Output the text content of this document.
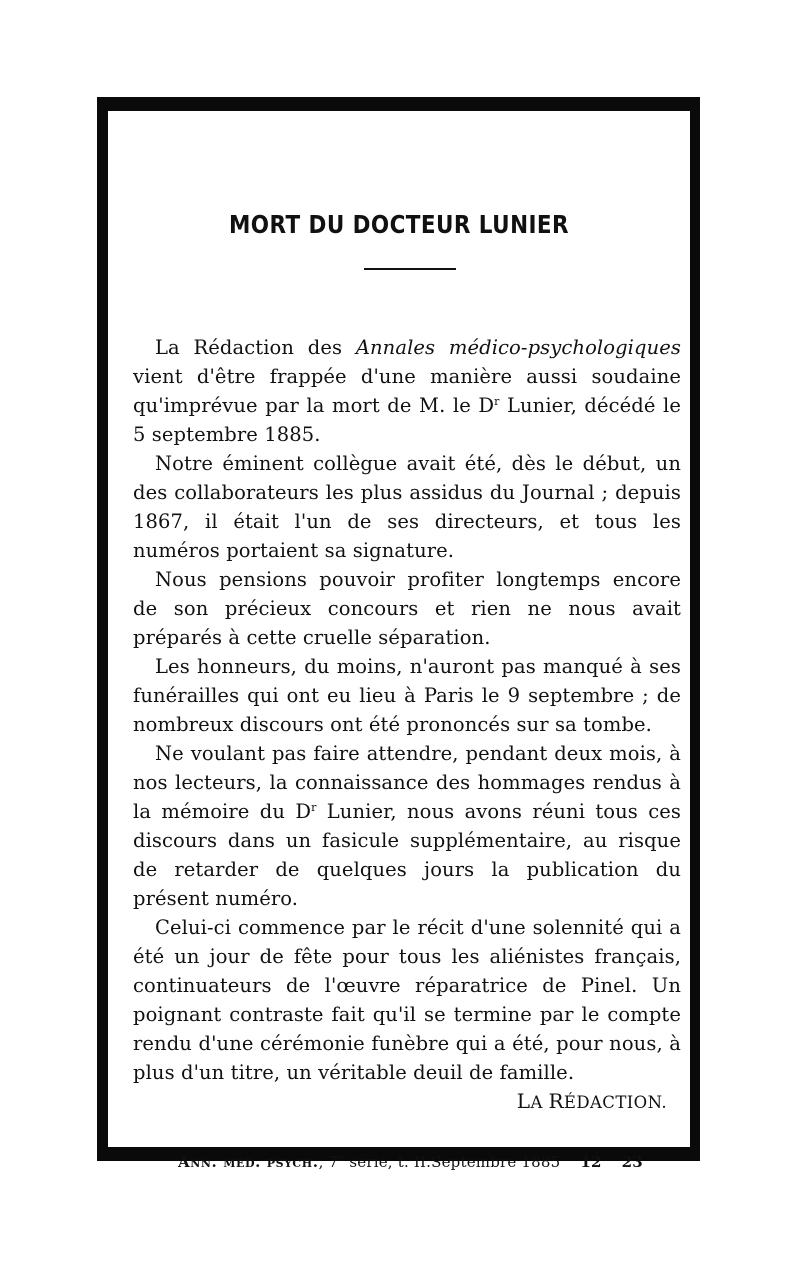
MORT DU DOCTEUR LUNIER

La Rédaction des Annales médico-psychologiques vient d'être frappée d'une manière aussi soudaine qu'imprévue par la mort de M. le $D^r$ Lunier, décédé le 5 septembre 1885.

Notre éminent collègue avait été, dès le début, un des collaborateurs les plus assidus du Journal ; depuis 1867, il était l'un de ses directeurs, et tous les numéros portaient sa signature.

Nous pensions pouvoir profiter longtemps encore de son précieux concours et rien ne nous avait préparés à cette cruelle séparation.

Les honneurs, du moins, n'auront pas manqué à ses funérailles qui ont eu lieu à Paris le 9 septembre ; de nombreux discours ont été prononcés sur sa tombe.

Ne voulant pas faire attendre, pendant deux mois, à nos lecteurs, la connaissance des hommages rendus à la mémoire du $D^r$ Lunier, nous avons réuni tous ces discours dans un fasicule supplémentaire, au risque de retarder de quelques jours la publication du présent numéro.

Celui-ci commence par le récit d'une solennité qui a été un jour de fête pour tous les aliénistes français, continuateurs de l'œuvre réparatrice de Pinel. Un poignant contraste fait qu'il se termine par le compte rendu d'une cérémonie funèbre qui a été, pour nous, à plus d'un titre, un véritable deuil de famille.

LA RÉDACTION.

Ann. méd. psych., 7e série, t. II.Septembre 1885 12 23
